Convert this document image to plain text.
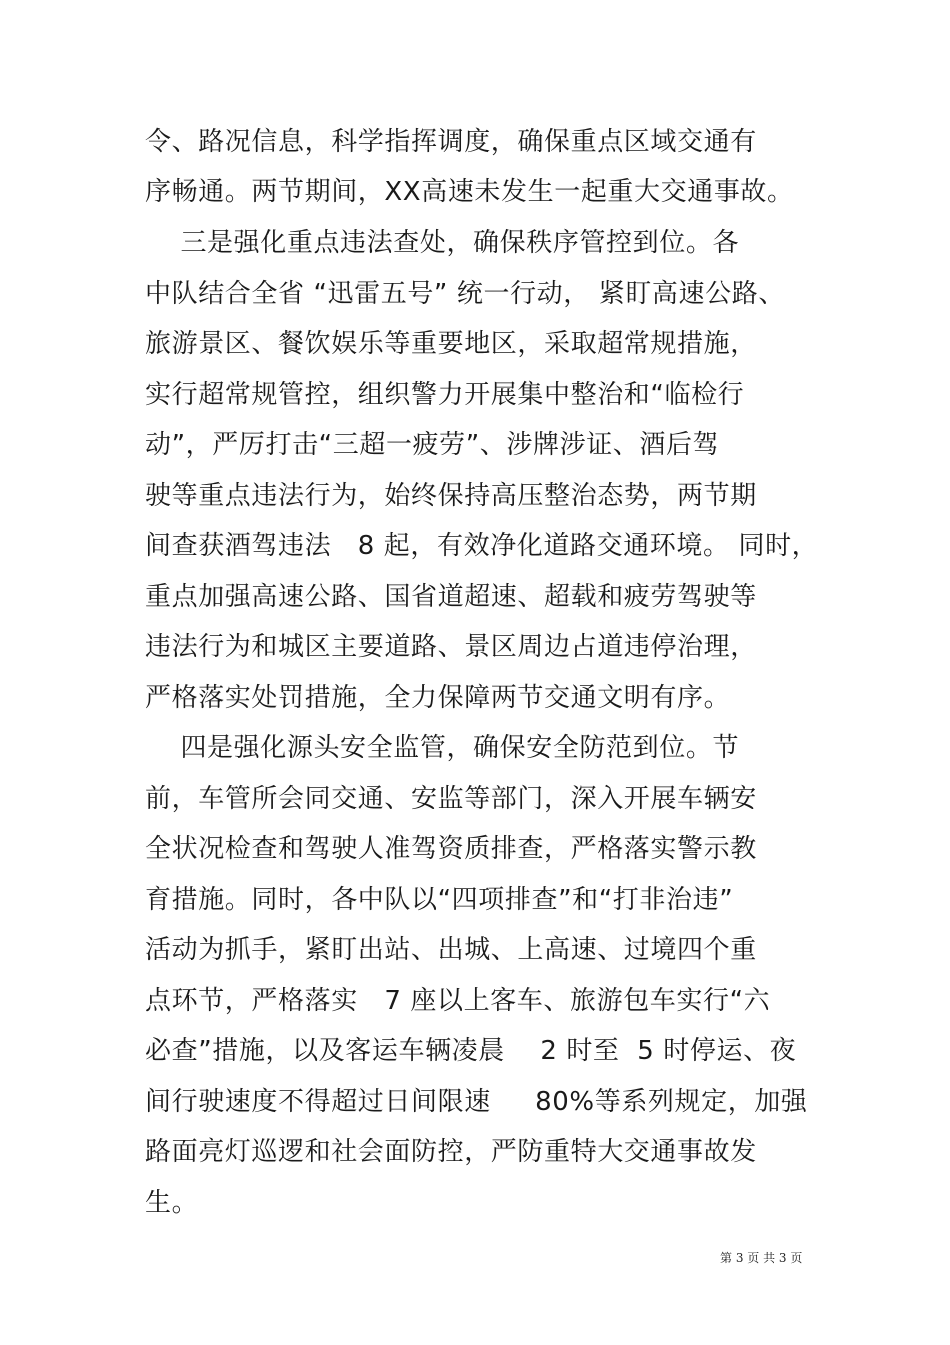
令、路况信息，科学指挥调度，确保重点区域交通有
序畅通。两节期间，XX高速未发生一起重大交通事故。
三是强化重点违法查处，确保秩序管控到位。各
中队结合全省 “迅雷五号” 统一行动， 紧盯高速公路、
旅游景区、餐饮娱乐等重要地区，采取超常规措施，
实行超常规管控，组织警力开展集中整治和“临检行
动”，严厉打击“三超一疲劳”、涉牌涉证、酒后驾
驶等重点违法行为，始终保持高压整治态势，两节期
间查获酒驾违法   8 起，有效净化道路交通环境。 同时，
重点加强高速公路、国省道超速、超载和疲劳驾驶等
违法行为和城区主要道路、景区周边占道违停治理，
严格落实处罚措施，全力保障两节交通文明有序。
四是强化源头安全监管，确保安全防范到位。节
前，车管所会同交通、安监等部门，深入开展车辆安
全状况检查和驾驶人准驾资质排查，严格落实警示教
育措施。同时，各中队以“四项排查”和“打非治违”
活动为抓手，紧盯出站、出城、上高速、过境四个重
点环节，严格落实   7 座以上客车、旅游包车实行“六
必查”措施，以及客运车辆凌晨    2 时至  5 时停运、夜
间行驶速度不得超过日间限速     80%等系列规定，加强
路面亮灯巡逻和社会面防控，严防重特大交通事故发
生。
第 3 页 共 3 页
